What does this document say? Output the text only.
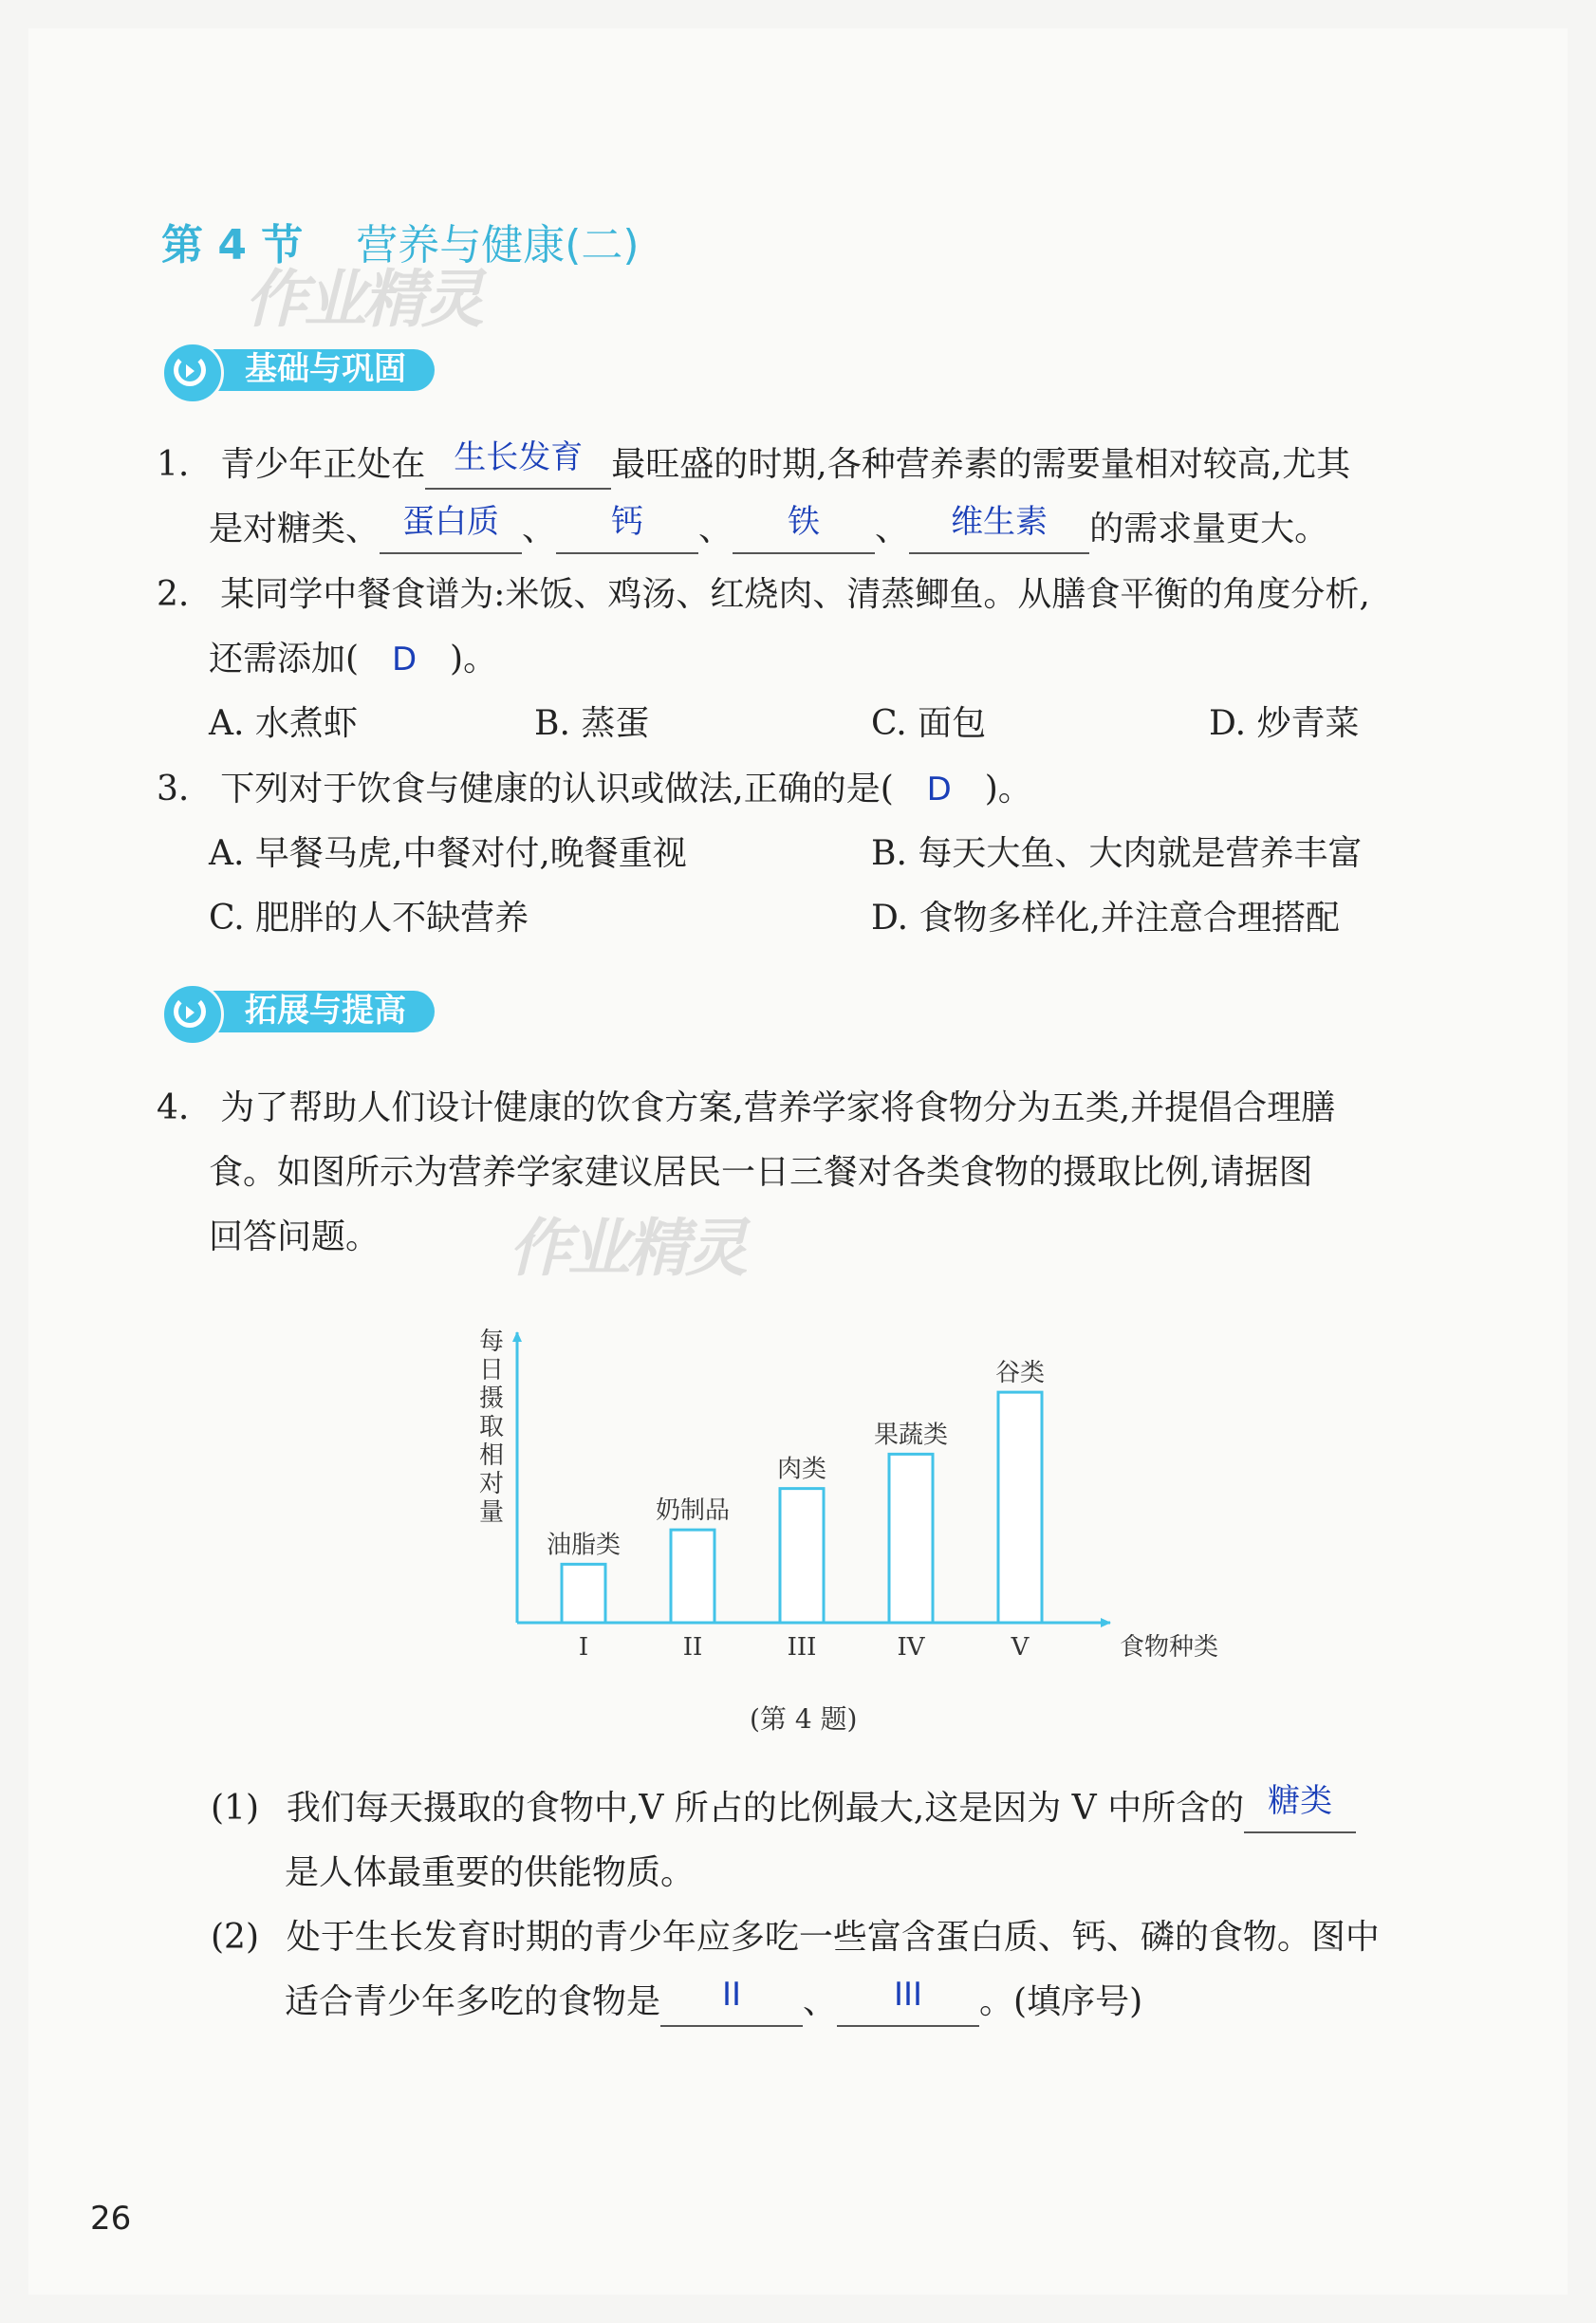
第 4 节 营养与健康(二)
作业精灵
基础与巩固
1. 青少年正处在 生长发育 最旺盛的时期,各种营养素的需要量相对较高,尤其
是对糖类、 蛋白质 、 钙 、 铁 、 维生素 的需求量更大。
2. 某同学中餐食谱为:米饭、鸡汤、红烧肉、清蒸鲫鱼。从膳食平衡的角度分析,
还需添加( D )。
A. 水煮虾	B. 蒸蛋	C. 面包	D. 炒青菜
3. 下列对于饮食与健康的认识或做法,正确的是( D )。
A. 早餐马虎,中餐对付,晚餐重视	B. 每天大鱼、大肉就是营养丰富
C. 肥胖的人不缺营养	D. 食物多样化,并注意合理搭配
拓展与提高
4. 为了帮助人们设计健康的饮食方案,营养学家将食物分为五类,并提倡合理膳
食。如图所示为营养学家建议居民一日三餐对各类食物的摄取比例,请据图
回答问题。 作业精灵
每日摄取相对量
食物种类
油脂类
I
奶制品
II
肉类
III
果蔬类
IV
谷类
V
(第 4 题)
(1) 我们每天摄取的食物中,V 所占的比例最大,这是因为 V 中所含的 糖类
是人体最重要的供能物质。
(2) 处于生长发育时期的青少年应多吃一些富含蛋白质、钙、磷的食物。图中
适合青少年多吃的食物是 II 、 III 。(填序号)
26
